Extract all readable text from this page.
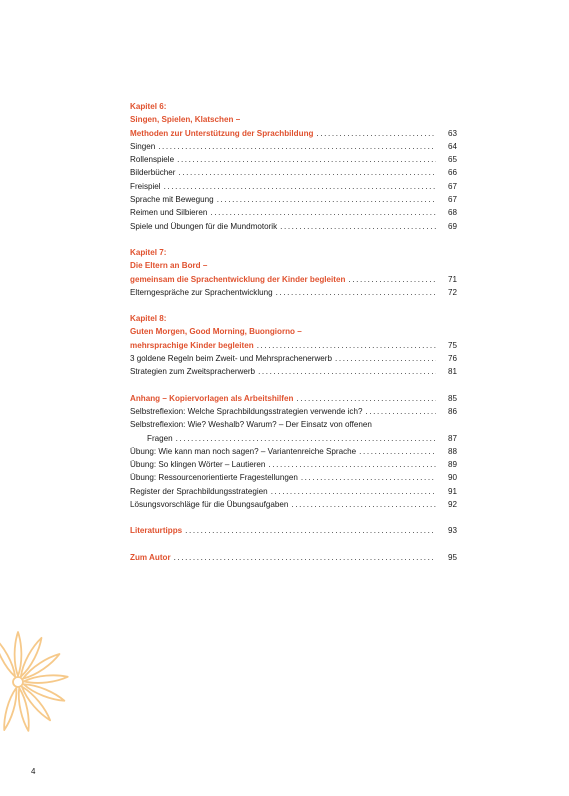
Kapitel 6:
Singen, Spielen, Klatschen –
Methoden zur Unterstützung der Sprachbildung .....	63
Singen .....	64
Rollenspiele .....	65
Bilderbücher .....	66
Freispiel .....	67
Sprache mit Bewegung .....	67
Reimen und Silbieren .....	68
Spiele und Übungen für die Mundmotorik .....	69
Kapitel 7:
Die Eltern an Bord –
gemeinsam die Sprachentwicklung der Kinder begleiten .....	71
Elterngespräche zur Sprachentwicklung .....	72
Kapitel 8:
Guten Morgen, Good Morning, Buongiorno –
mehrsprachige Kinder begleiten .....	75
3 goldene Regeln beim Zweit- und Mehrsprachenerwerb .....	76
Strategien zum Zweitspracherwerb .....	81
Anhang – Kopiervorlagen als Arbeitshilfen .....	85
Selbstreflexion: Welche Sprachbildungsstrategien verwende ich? .....	86
Selbstreflexion: Wie? Weshalb? Warum? – Der Einsatz von offenen
Fragen .....	87
Übung: Wie kann man noch sagen? – Variantenreiche Sprache .....	88
Übung: So klingen Wörter – Lautieren .....	89
Übung: Ressourcenorientierte Fragestellungen .....	90
Register der Sprachbildungsstrategien .....	91
Lösungsvorschläge für die Übungsaufgaben .....	92
Literaturtipps .....	93
Zum Autor .....	95
4
